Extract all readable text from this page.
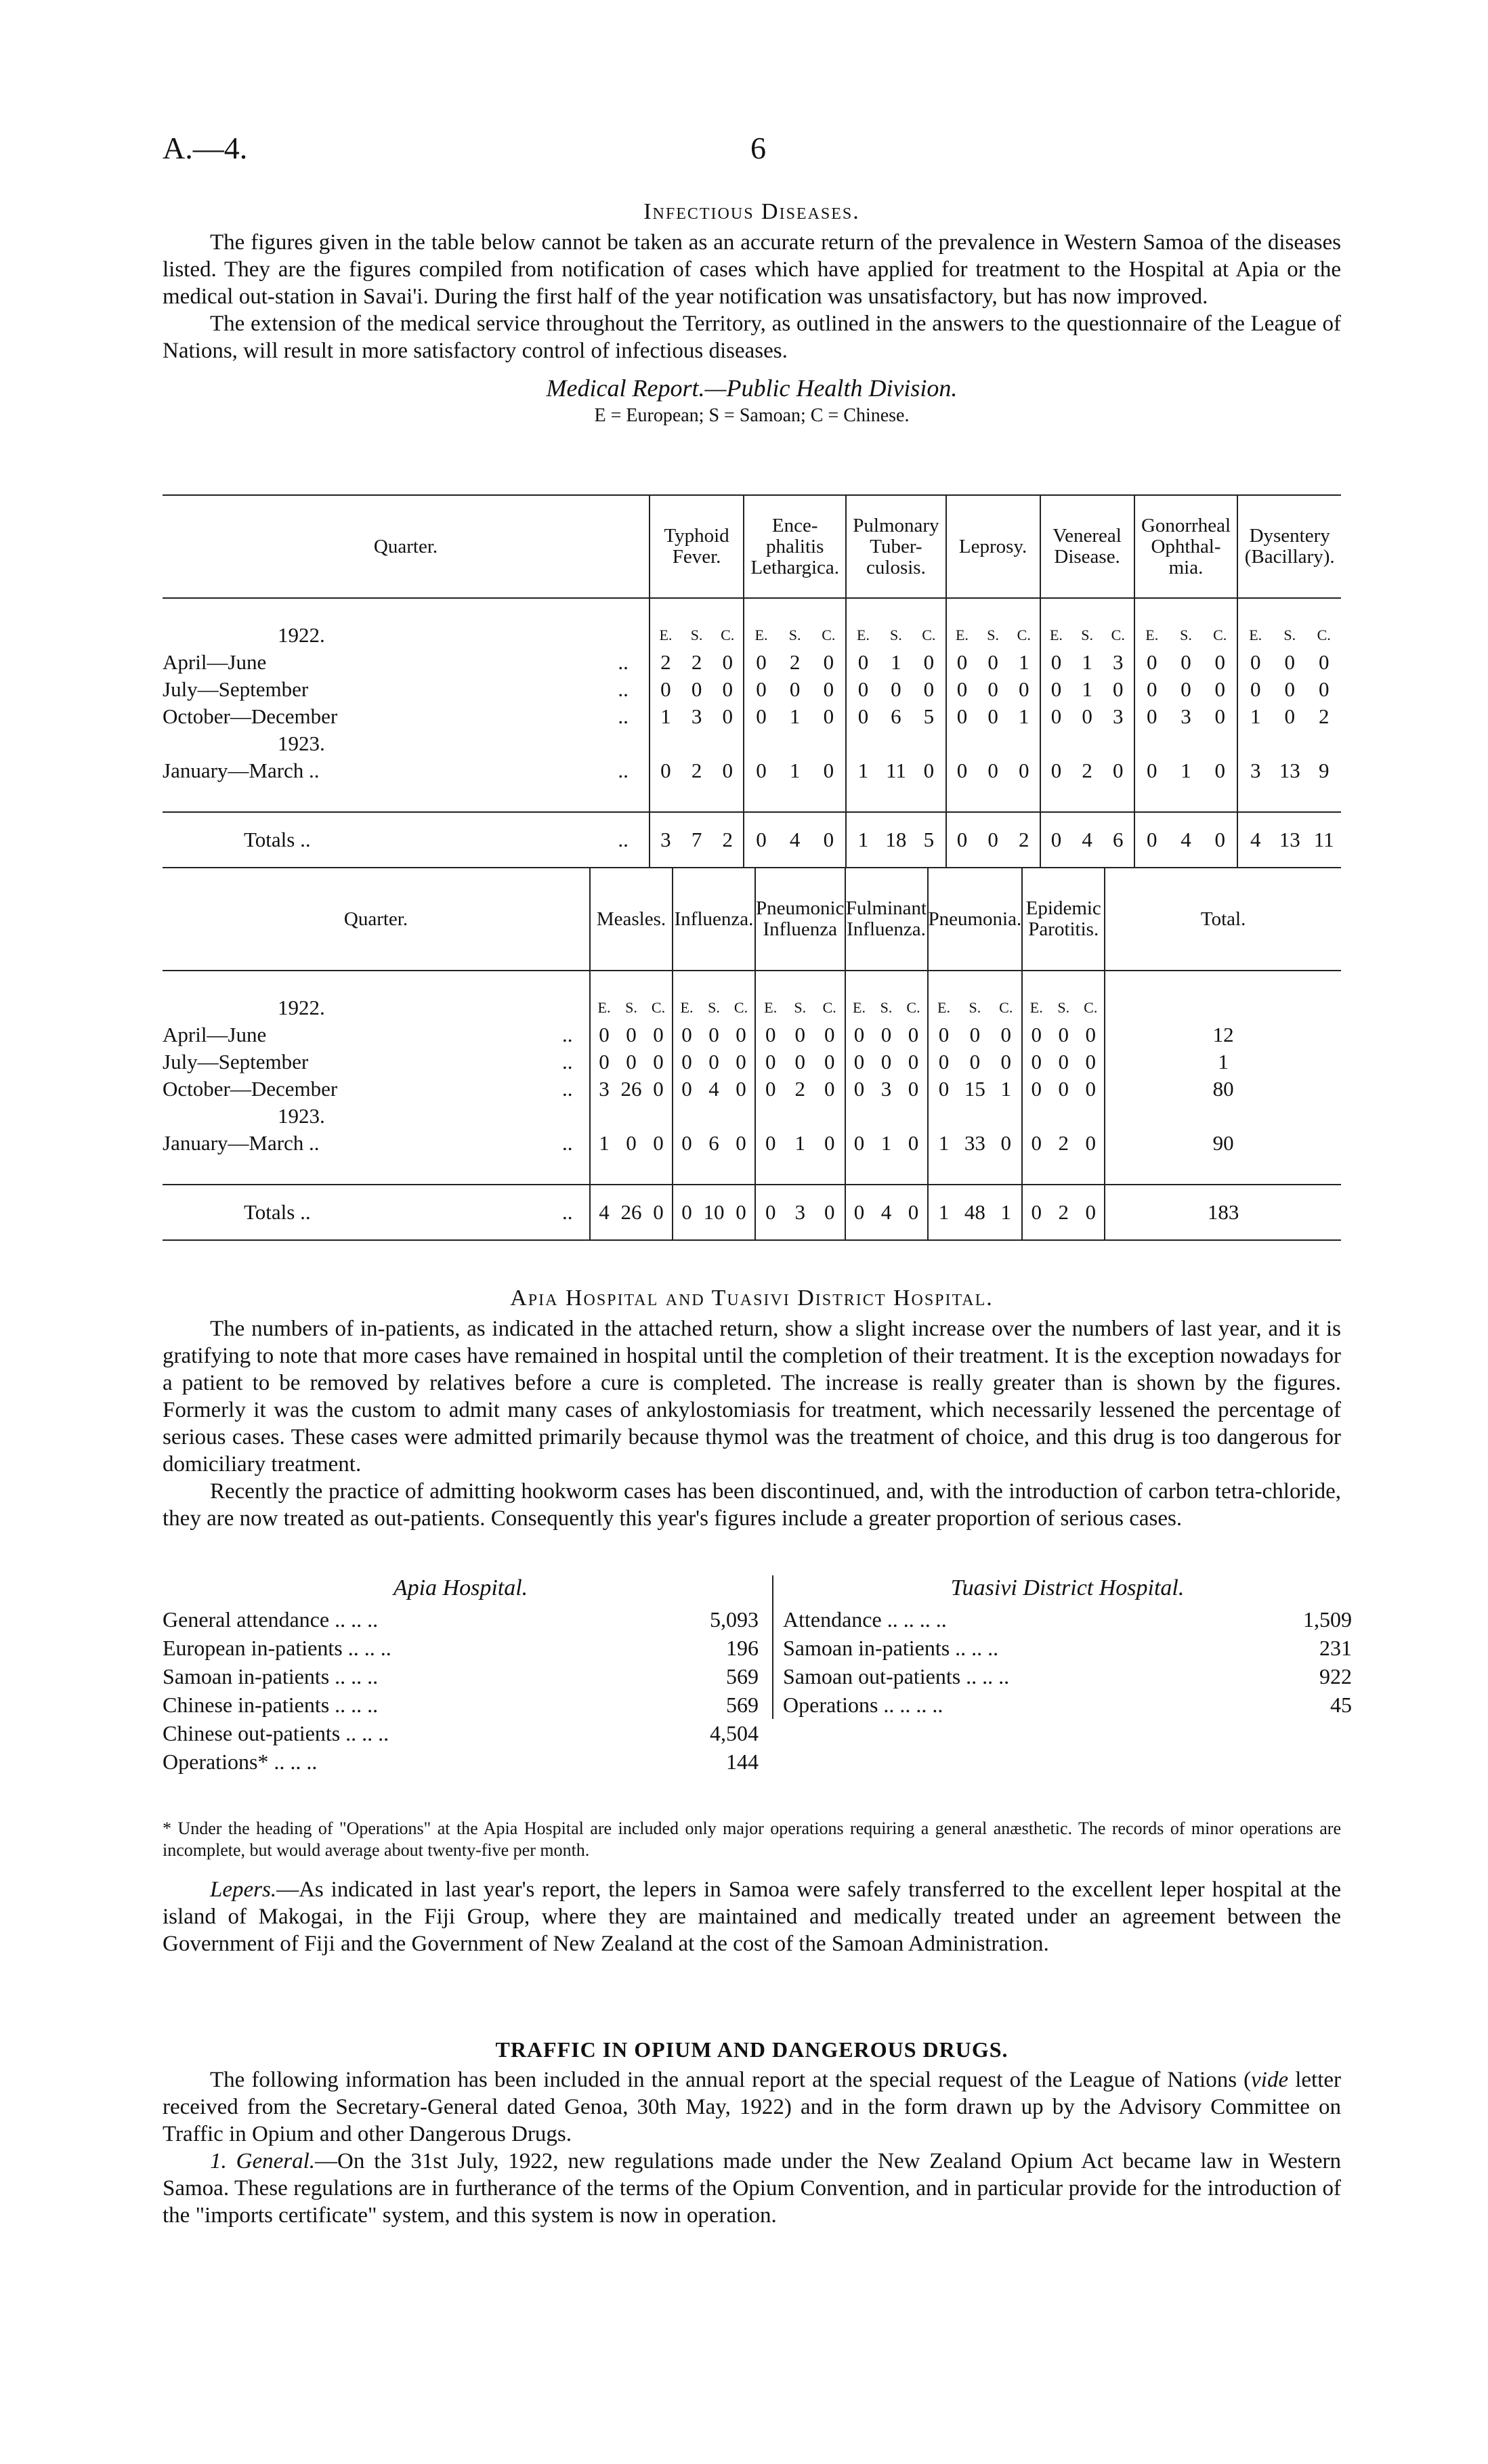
A.—4.	6
Infectious Diseases.

The figures given in the table below cannot be taken as an accurate return of the prevalence in Western Samoa of the diseases listed. They are the figures compiled from notification of cases which have applied for treatment to the Hospital at Apia or the medical out-station in Savai'i. During the first half of the year notification was unsatisfactory, but has now improved.

The extension of the medical service throughout the Territory, as outlined in the answers to the questionnaire of the League of Nations, will result in more satisfactory control of infectious diseases.

Medical Report.—Public Health Division.
E = European; S = Samoan; C = Chinese.
Quarter.		Typhoid Fever.			Ence-phalitis Lethargica.			Pulmonary Tuber-culosis.			Leprosy.			Venereal Disease.			Gonorrheal Ophthal-mia.			Dysentery (Bacillary).		
1922.		E.	S.	C.	E.	S.	C.	E.	S.	C.	E.	S.	C.	E.	S.	C.	E.	S.	C.	E.	S.	C.
April—June	..	2	2	0	0	2	0	0	1	0	0	0	1	0	1	3	0	0	0	0	0	0
July—September	..	0	0	0	0	0	0	0	0	0	0	0	0	0	1	0	0	0	0	0	0	0
October—December	..	1	3	0	0	1	0	0	6	5	0	0	1	0	0	3	0	3	0	1	0	2
1923.																						
January—March ..	..	0	2	0	0	1	0	1	11	0	0	0	0	0	2	0	0	1	0	3	13	9

Totals ..	..	3	7	2	0	4	0	1	18	5	0	0	2	0	4	6	0	4	0	4	13	11
Quarter.		Measles.			Influenza.			Pneumonic Influenza			Fulminant Influenza.			Pneumonia.			Epidemic Parotitis.			Total.
1922.		E.	S.	C.	E.	S.	C.	E.	S.	C.	E.	S.	C.	E.	S.	C.	E.	S.	C.	
April—June	..	0	0	0	0	0	0	0	0	0	0	0	0	0	0	0	0	0	0	12
July—September	..	0	0	0	0	0	0	0	0	0	0	0	0	0	0	0	0	0	0	1
October—December	..	3	26	0	0	4	0	0	2	0	0	3	0	0	15	1	0	0	0	80
1923.																				
January—March ..	..	1	0	0	0	6	0	0	1	0	0	1	0	1	33	0	0	2	0	90

Totals ..	..	4	26	0	0	10	0	0	3	0	0	4	0	1	48	1	0	2	0	183
Apia Hospital and Tuasivi District Hospital.

The numbers of in-patients, as indicated in the attached return, show a slight increase over the numbers of last year, and it is gratifying to note that more cases have remained in hospital until the completion of their treatment. It is the exception nowadays for a patient to be removed by relatives before a cure is completed. The increase is really greater than is shown by the figures. Formerly it was the custom to admit many cases of ankylostomiasis for treatment, which necessarily lessened the percentage of serious cases. These cases were admitted primarily because thymol was the treatment of choice, and this drug is too dangerous for domiciliary treatment.

Recently the practice of admitting hookworm cases has been discontinued, and, with the introduction of carbon tetra-chloride, they are now treated as out-patients. Consequently this year's figures include a greater proportion of serious cases.

Apia Hospital.
General attendance .. .. ..	5,093
European in-patients .. .. ..	196
Samoan in-patients .. .. ..	569
Chinese in-patients .. .. ..	569
Chinese out-patients .. .. ..	4,504
Operations* .. .. ..	144
Tuasivi District Hospital.
Attendance .. .. .. ..	1,509
Samoan in-patients .. .. ..	231
Samoan out-patients .. .. ..	922
Operations .. .. .. ..	45
* Under the heading of "Operations" at the Apia Hospital are included only major operations requiring a general anæsthetic. The records of minor operations are incomplete, but would average about twenty-five per month.

Lepers.—As indicated in last year's report, the lepers in Samoa were safely transferred to the excellent leper hospital at the island of Makogai, in the Fiji Group, where they are maintained and medically treated under an agreement between the Government of Fiji and the Government of New Zealand at the cost of the Samoan Administration.

TRAFFIC IN OPIUM AND DANGEROUS DRUGS.

The following information has been included in the annual report at the special request of the League of Nations (vide letter received from the Secretary-General dated Genoa, 30th May, 1922) and in the form drawn up by the Advisory Committee on Traffic in Opium and other Dangerous Drugs.

1. General.—On the 31st July, 1922, new regulations made under the New Zealand Opium Act became law in Western Samoa. These regulations are in furtherance of the terms of the Opium Convention, and in particular provide for the introduction of the "imports certificate" system, and this system is now in operation.
